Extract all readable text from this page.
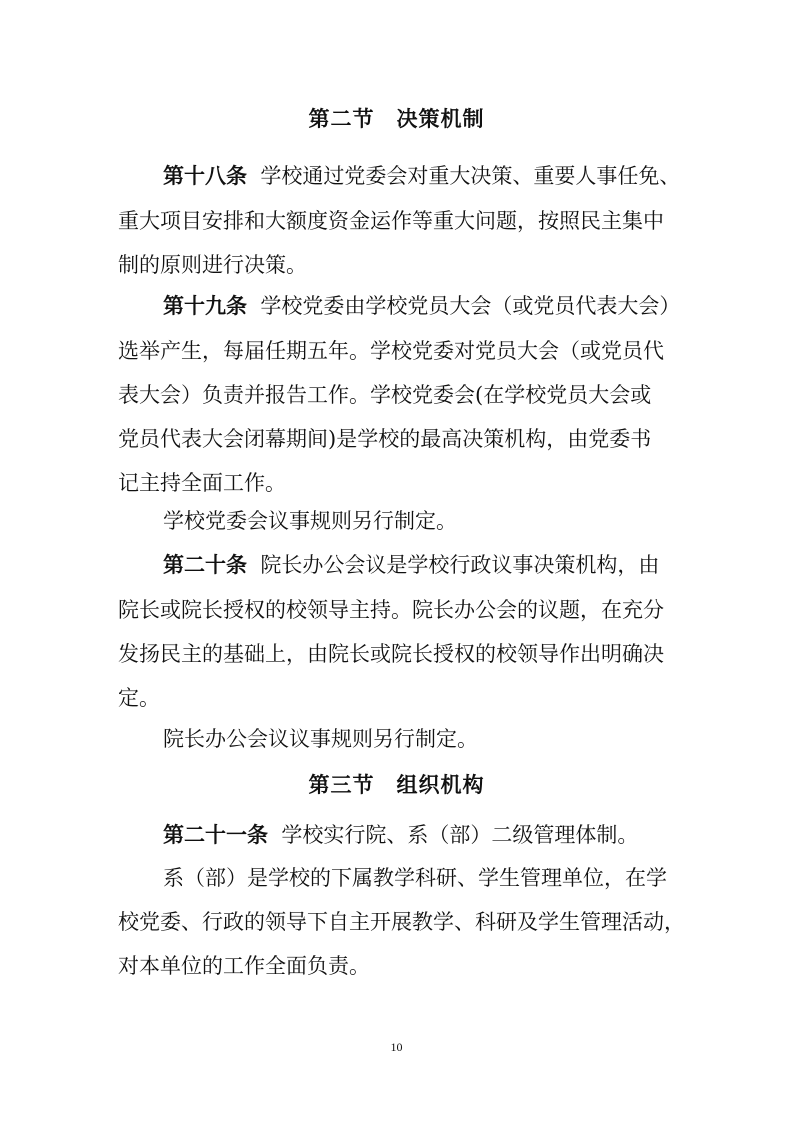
第二节　决策机制

第十八条 学校通过党委会对重大决策、重要人事任免、

重大项目安排和大额度资金运作等重大问题，按照民主集中

制的原则进行决策。

第十九条 学校党委由学校党员大会（或党员代表大会）

选举产生，每届任期五年。学校党委对党员大会（或党员代

表大会）负责并报告工作。学校党委会(在学校党员大会或

党员代表大会闭幕期间)是学校的最高决策机构，由党委书

记主持全面工作。

学校党委会议事规则另行制定。

第二十条 院长办公会议是学校行政议事决策机构，由

院长或院长授权的校领导主持。院长办公会的议题，在充分

发扬民主的基础上，由院长或院长授权的校领导作出明确决

定。

院长办公会议议事规则另行制定。

第三节　组织机构

第二十一条 学校实行院、系（部）二级管理体制。

系（部）是学校的下属教学科研、学生管理单位，在学

校党委、行政的领导下自主开展教学、科研及学生管理活动，

对本单位的工作全面负责。

10
